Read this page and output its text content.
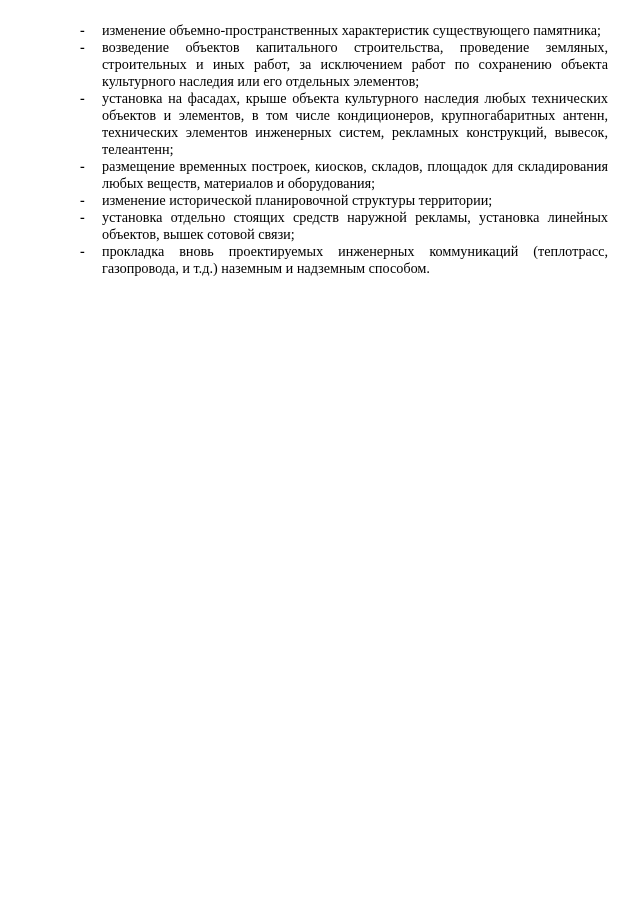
-	изменение объемно-пространственных характеристик существующего памятника;
-	возведение объектов капитального строительства, проведение земляных, строительных и иных работ, за исключением работ по сохранению объекта культурного наследия или его отдельных элементов;
-	установка на фасадах, крыше объекта культурного наследия любых технических объектов и элементов, в том числе кондиционеров, крупногабаритных антенн, технических элементов инженерных систем, рекламных конструкций, вывесок, телеантенн;
-	размещение временных построек, киосков, складов, площадок для складирования любых веществ, материалов и оборудования;
-	изменение исторической планировочной структуры территории;
-	установка отдельно стоящих средств наружной рекламы, установка линейных объектов, вышек сотовой связи;
-	прокладка вновь проектируемых инженерных коммуникаций (теплотрасс, газопровода, и т.д.) наземным и надземным способом.
